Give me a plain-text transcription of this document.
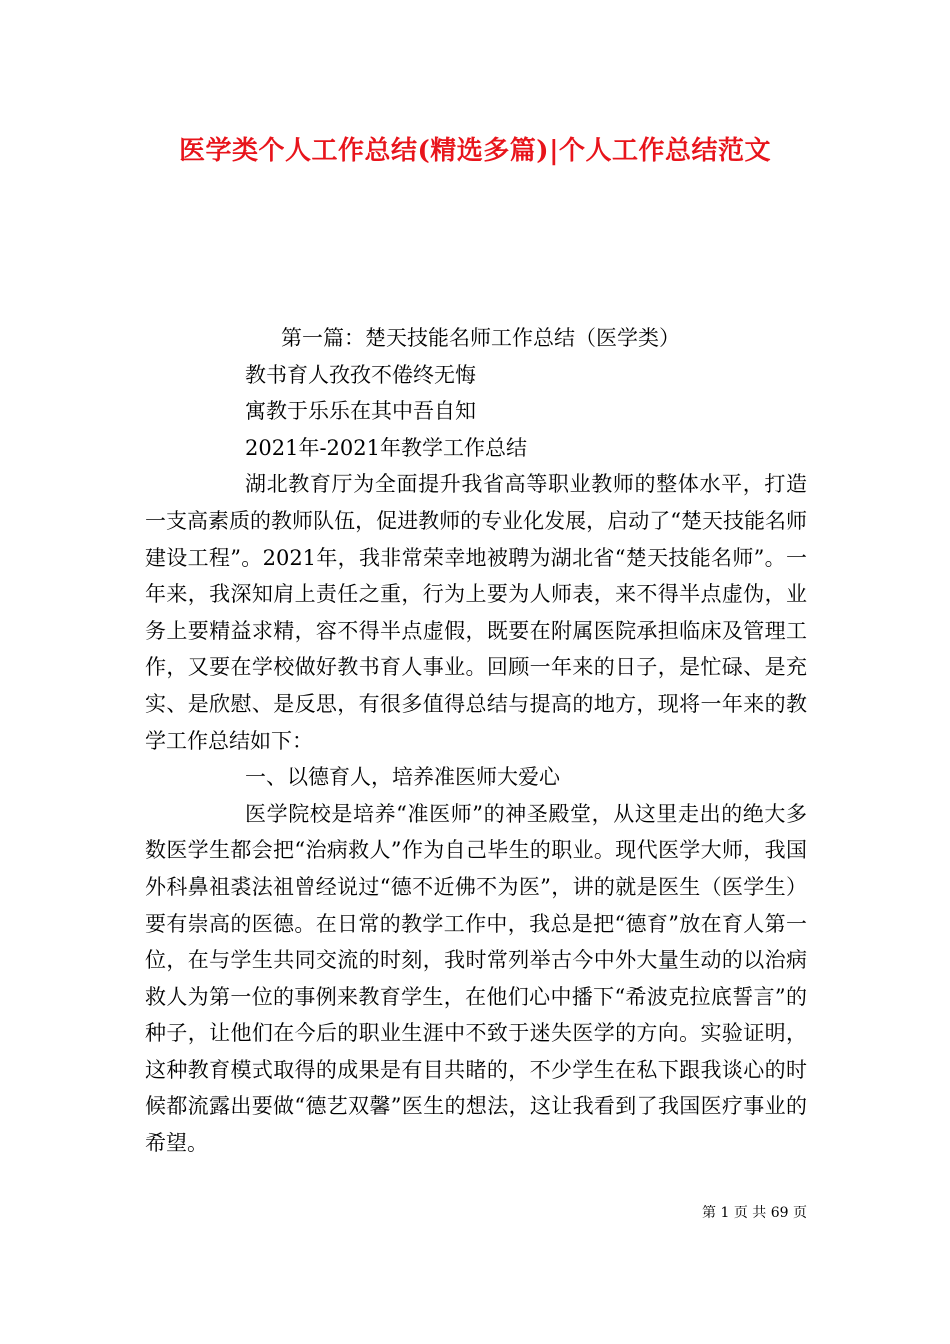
医学类个人工作总结(精选多篇)|个人工作总结范文

第一篇：楚天技能名师工作总结（医学类）

教书育人孜孜不倦终无悔

寓教于乐乐在其中吾自知

2021年-2021年教学工作总结

湖北教育厅为全面提升我省高等职业教师的整体水平，打造一支高素质的教师队伍，促进教师的专业化发展，启动了“楚天技能名师建设工程”。2021年，我非常荣幸地被聘为湖北省“楚天技能名师”。一年来，我深知肩上责任之重，行为上要为人师表，来不得半点虚伪，业务上要精益求精，容不得半点虚假，既要在附属医院承担临床及管理工作，又要在学校做好教书育人事业。回顾一年来的日子，是忙碌、是充实、是欣慰、是反思，有很多值得总结与提高的地方，现将一年来的教学工作总结如下：

一、以德育人，培养准医师大爱心

医学院校是培养“准医师”的神圣殿堂，从这里走出的绝大多数医学生都会把“治病救人”作为自己毕生的职业。现代医学大师，我国外科鼻祖裘法祖曾经说过“德不近佛不为医”，讲的就是医生（医学生）要有崇高的医德。在日常的教学工作中，我总是把“德育”放在育人第一位，在与学生共同交流的时刻，我时常列举古今中外大量生动的以治病救人为第一位的事例来教育学生，在他们心中播下“希波克拉底誓言”的种子，让他们在今后的职业生涯中不致于迷失医学的方向。实验证明，这种教育模式取得的成果是有目共睹的，不少学生在私下跟我谈心的时候都流露出要做“德艺双馨”医生的想法，这让我看到了我国医疗事业的希望。

第 1 页 共 69 页
